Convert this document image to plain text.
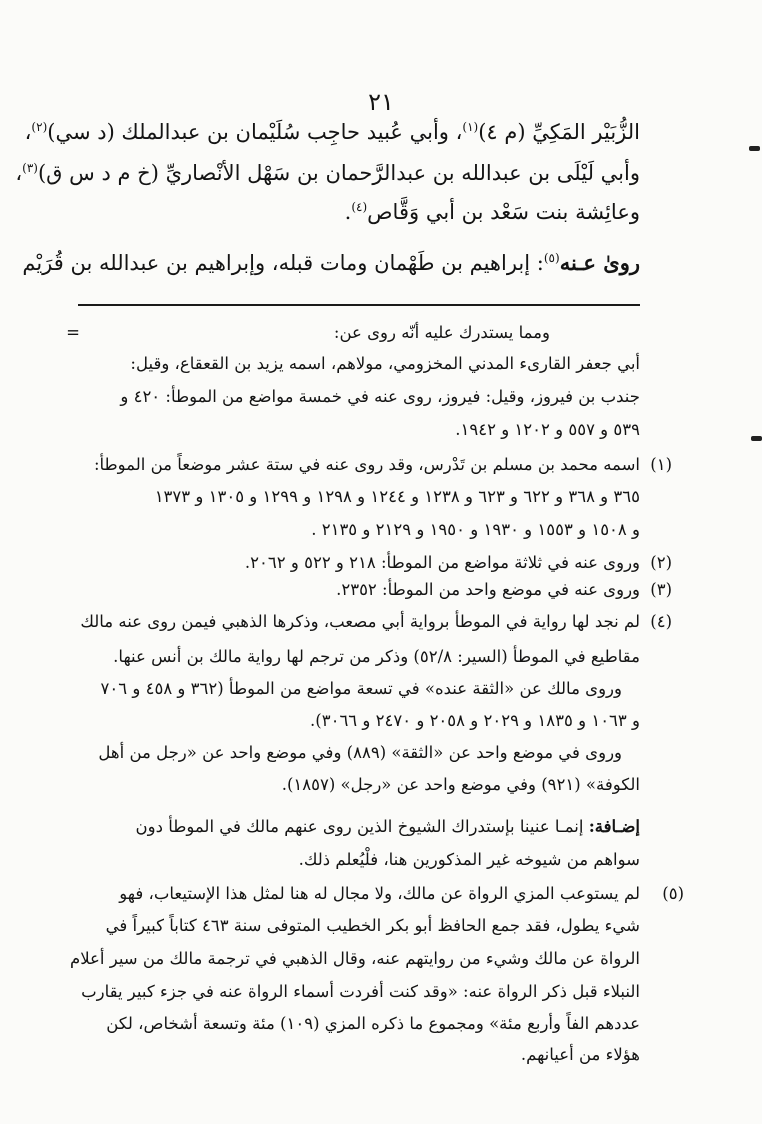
٢١
الزُّبَيْر المَكِيِّ (م ٤)$^{(١)}$، وأبي عُبيد حاجِب سُلَيْمان بن عبدالملك (د سي)$^{(٢)}$،
وأبي لَيْلَى بن عبدالله بن عبدالرَّحمان بن سَهْل الأنْصاريِّ (خ م د س ق)$^{(٣)}$،
وعائِشة بنت سَعْد بن أبي وَقَّاص$^{(٤)}$.
روىٰ عـنه$^{(٥)}$: إبراهيم بن طَهْمان ومات قبله، وإبراهيم بن عبدالله بن قُرَيْم
=	ومما يستدرك عليه أنّه روى عن:
أبي جعفر القارىء المدني المخزومي، مولاهم، اسمه يزيد بن القعقاع، وقيل:
جندب بن فيروز، وقيل: فيروز، روى عنه في خمسة مواضع من الموطأ: ٤٢٠ و
٥٣٩ و ٥٥٧ و ١٢٠٢ و ١٩٤٢.
(١)
اسمه محمد بن مسلم بن تَدْرس، وقد روى عنه في ستة عشر موضعاً من الموطأ:
٣٦٥ و ٣٦٨ و ٦٢٢ و ٦٢٣ و ١٢٣٨ و ١٢٤٤ و ١٢٩٨ و ١٢٩٩ و ١٣٠٥ و ١٣٧٣
و ١٥٠٨ و ١٥٥٣ و ١٩٣٠ و ١٩٥٠ و ٢١٢٩ و ٢١٣٥ .
(٢)
وروى عنه في ثلاثة مواضع من الموطأ: ٢١٨ و ٥٢٢ و ٢٠٦٢.
(٣)
وروى عنه في موضع واحد من الموطأ: ٢٣٥٢.
(٤)
لم نجد لها رواية في الموطأ برواية أبي مصعب، وذكرها الذهبي فيمن روى عنه مالك
مقاطيع في الموطأ (السير: ٥٢/٨) وذكر من ترجم لها رواية مالك بن أنس عنها.
وروى مالك عن «الثقة عنده» في تسعة مواضع من الموطأ (٣٦٢ و ٤٥٨ و ٧٠٦
و ١٠٦٣ و ١٨٣٥ و ٢٠٢٩ و ٢٠٥٨ و ٢٤٧٠ و ٣٠٦٦).
وروى في موضع واحد عن «الثقة» (٨٨٩) وفي موضع واحد عن «رجل من أهل
الكوفة» (٩٢١) وفي موضع واحد عن «رجل» (١٨٥٧).
إضـافة: إنمـا عنينا بإستدراك الشيوخ الذين روى عنهم مالك في الموطأ دون
سواهم من شيوخه غير المذكورين هنا، فلْيُعلم ذلك.
(٥)
لم يستوعب المزي الرواة عن مالك، ولا مجال له هنا لمثل هذا الإستيعاب، فهو
شيء يطول، فقد جمع الحافظ أبو بكر الخطيب المتوفى سنة ٤٦٣ كتاباً كبيراً في
الرواة عن مالك وشيء من روايتهم عنه، وقال الذهبي في ترجمة مالك من سير أعلام
النبلاء قبل ذكر الرواة عنه: «وقد كنت أفردت أسماء الرواة عنه في جزء كبير يقارب
عددهم الفاً وأربع مئة» ومجموع ما ذكره المزي (١٠٩) مئة وتسعة أشخاص، لكن
هؤلاء من أعيانهم.
